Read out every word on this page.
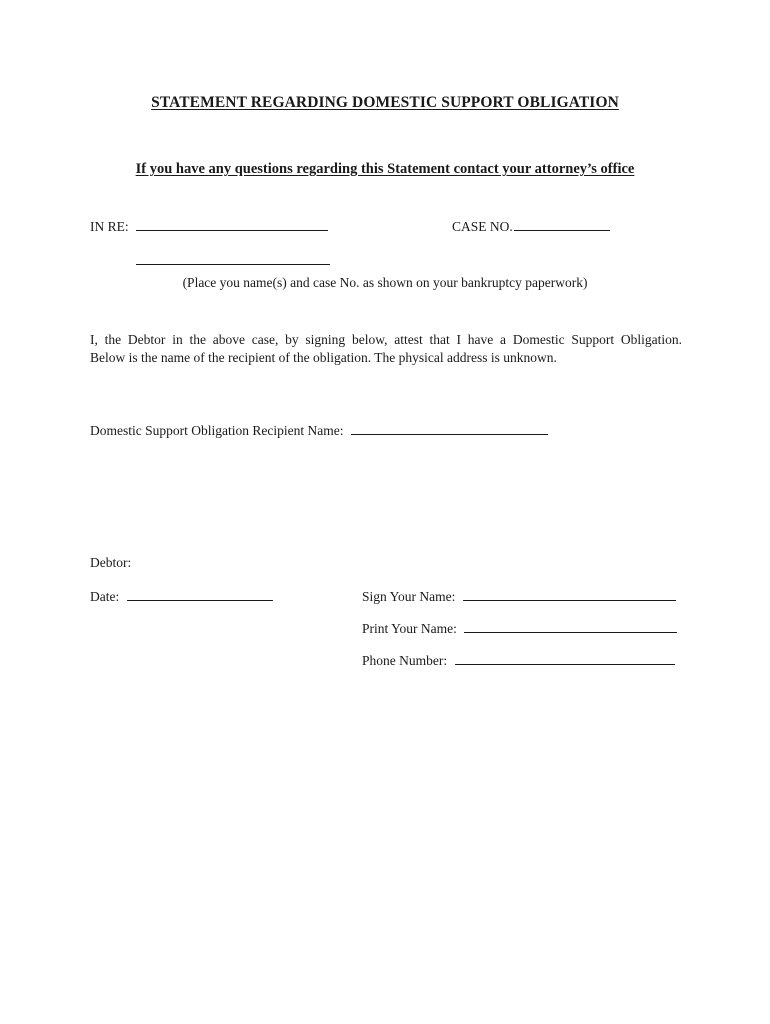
STATEMENT REGARDING DOMESTIC SUPPORT OBLIGATION
If you have any questions regarding this Statement contact your attorney’s office
IN RE:	CASE NO.
(Place you name(s) and case No. as shown on your bankruptcy paperwork)
I, the Debtor in the above case, by signing below, attest that I have a Domestic Support Obligation.
Below is the name of the recipient of the obligation. The physical address is unknown.
Domestic Support Obligation Recipient Name:
Debtor:
Date:	Sign Your Name:
Print Your Name:
Phone Number:
